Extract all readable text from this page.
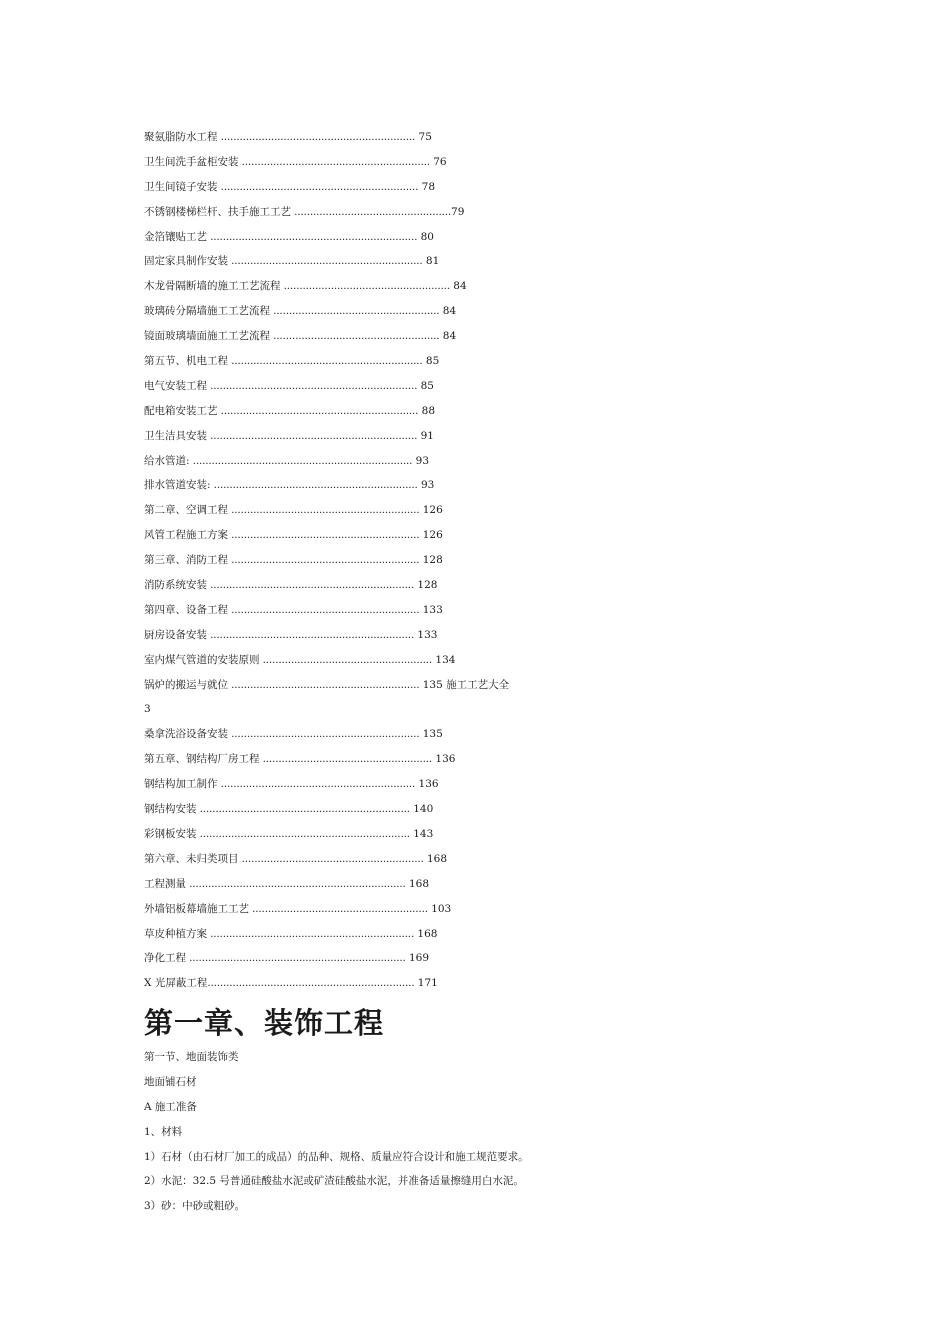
聚氨脂防水工程 .............................................................. 75
卫生间洗手盆柜安装 ............................................................ 76
卫生间镜子安装 ............................................................... 78
不锈钢楼梯栏杆、扶手施工工艺 ..................................................79
金箔镶贴工艺 .................................................................. 80
固定家具制作安装 ............................................................. 81
木龙骨隔断墙的施工工艺流程 ..................................................... 84
玻璃砖分隔墙施工工艺流程 ..................................................... 84
镜面玻璃墙面施工工艺流程 ..................................................... 84
第五节、机电工程 ............................................................. 85
电气安装工程 .................................................................. 85
配电箱安装工艺 ............................................................... 88
卫生洁具安装 .................................................................. 91
给水管道: ...................................................................... 93
排水管道安装: ................................................................. 93
第二章、空调工程 ............................................................ 126
风管工程施工方案 ............................................................ 126
第三章、消防工程 ............................................................ 128
消防系统安装 ................................................................. 128
第四章、设备工程 ............................................................ 133
厨房设备安装 ................................................................. 133
室内煤气管道的安装原则 ...................................................... 134
锅炉的搬运与就位 ............................................................ 135 施工工艺大全
3
桑拿洗浴设备安装 ............................................................ 135
第五章、钢结构厂房工程 ...................................................... 136
钢结构加工制作 .............................................................. 136
钢结构安装 ................................................................... 140
彩钢板安装 ................................................................... 143
第六章、未归类项目 .......................................................... 168
工程测量 ..................................................................... 168
外墙铝板幕墙施工工艺 ........................................................ 103
草皮种植方案 ................................................................. 168
净化工程 ..................................................................... 169
X 光屏蔽工程.................................................................. 171
第一章、装饰工程
第一节、地面装饰类
地面铺石材
A 施工准备
1、材料
1）石材（由石材厂加工的成品）的品种、规格、质量应符合设计和施工规范要求。
2）水泥：32.5 号普通硅酸盐水泥或矿渣硅酸盐水泥，并准备适量擦缝用白水泥。
3）砂：中砂或粗砂。
